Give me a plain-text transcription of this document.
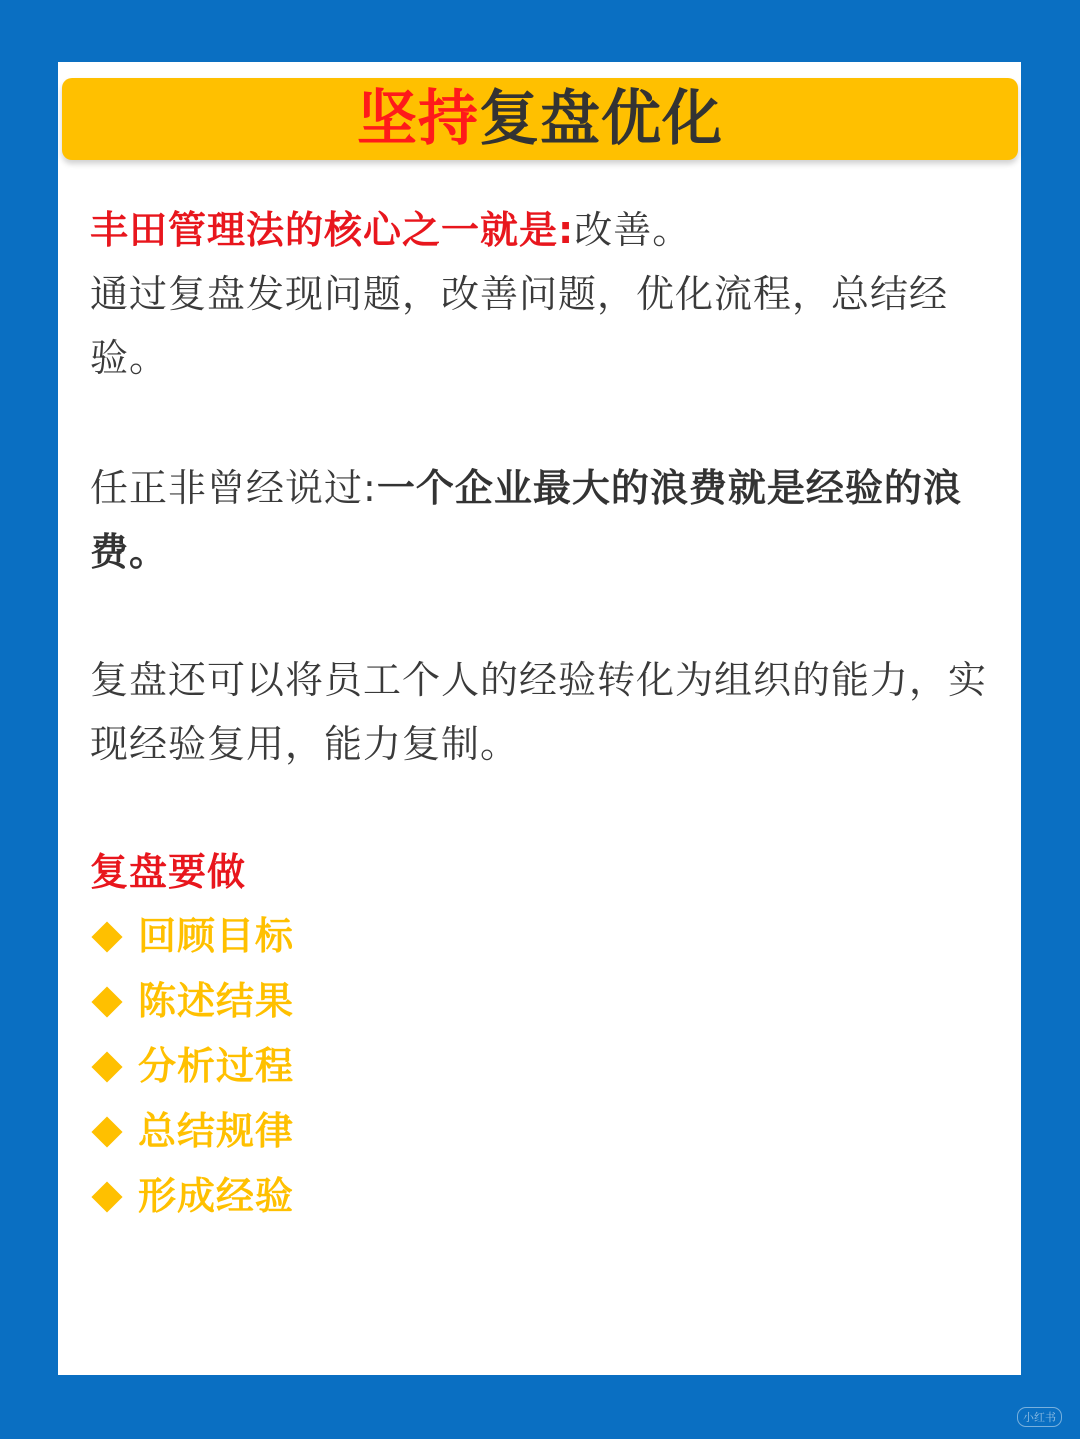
坚持复盘优化

丰田管理法的核心之一就是:改善。

通过复盘发现问题，改善问题，优化流程，总结经验。

任正非曾经说过:一个企业最大的浪费就是经验的浪费。

复盘还可以将员工个人的经验转化为组织的能力，实现经验复用，能力复制。

复盘要做

回顾目标
陈述结果
分析过程
总结规律
形成经验
小红书
